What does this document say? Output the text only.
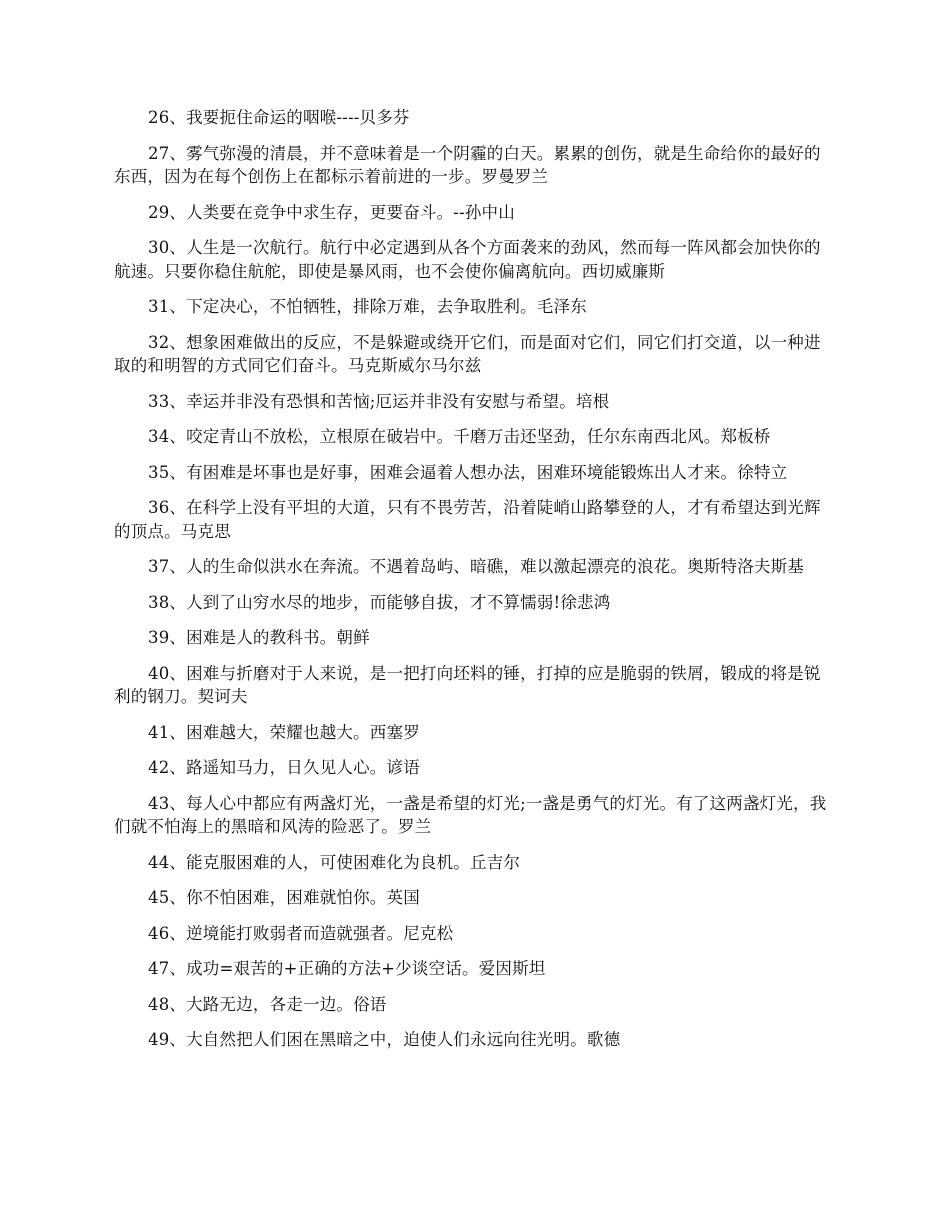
26、我要扼住命运的咽喉----贝多芬

27、雾气弥漫的清晨，并不意味着是一个阴霾的白天。累累的创伤，就是生命给你的最好的东西，因为在每个创伤上在都标示着前进的一步。罗曼罗兰

29、人类要在竞争中求生存，更要奋斗。--孙中山

30、人生是一次航行。航行中必定遇到从各个方面袭来的劲风，然而每一阵风都会加快你的航速。只要你稳住航舵，即使是暴风雨，也不会使你偏离航向。西切威廉斯

31、下定决心，不怕牺牲，排除万难，去争取胜利。毛泽东

32、想象困难做出的反应，不是躲避或绕开它们，而是面对它们，同它们打交道，以一种进取的和明智的方式同它们奋斗。马克斯威尔马尔兹

33、幸运并非没有恐惧和苦恼;厄运并非没有安慰与希望。培根

34、咬定青山不放松，立根原在破岩中。千磨万击还坚劲，任尔东南西北风。郑板桥

35、有困难是坏事也是好事，困难会逼着人想办法，困难环境能锻炼出人才来。徐特立

36、在科学上没有平坦的大道，只有不畏劳苦，沿着陡峭山路攀登的人，才有希望达到光辉的顶点。马克思

37、人的生命似洪水在奔流。不遇着岛屿、暗礁，难以激起漂亮的浪花。奥斯特洛夫斯基

38、人到了山穷水尽的地步，而能够自拔，才不算懦弱!徐悲鸿

39、困难是人的教科书。朝鲜

40、困难与折磨对于人来说，是一把打向坯料的锤，打掉的应是脆弱的铁屑，锻成的将是锐利的钢刀。契诃夫

41、困难越大，荣耀也越大。西塞罗

42、路遥知马力，日久见人心。谚语

43、每人心中都应有两盏灯光，一盏是希望的灯光;一盏是勇气的灯光。有了这两盏灯光，我们就不怕海上的黑暗和风涛的险恶了。罗兰

44、能克服困难的人，可使困难化为良机。丘吉尔

45、你不怕困难，困难就怕你。英国

46、逆境能打败弱者而造就强者。尼克松

47、成功=艰苦的+正确的方法+少谈空话。爱因斯坦

48、大路无边，各走一边。俗语

49、大自然把人们困在黑暗之中，迫使人们永远向往光明。歌德
